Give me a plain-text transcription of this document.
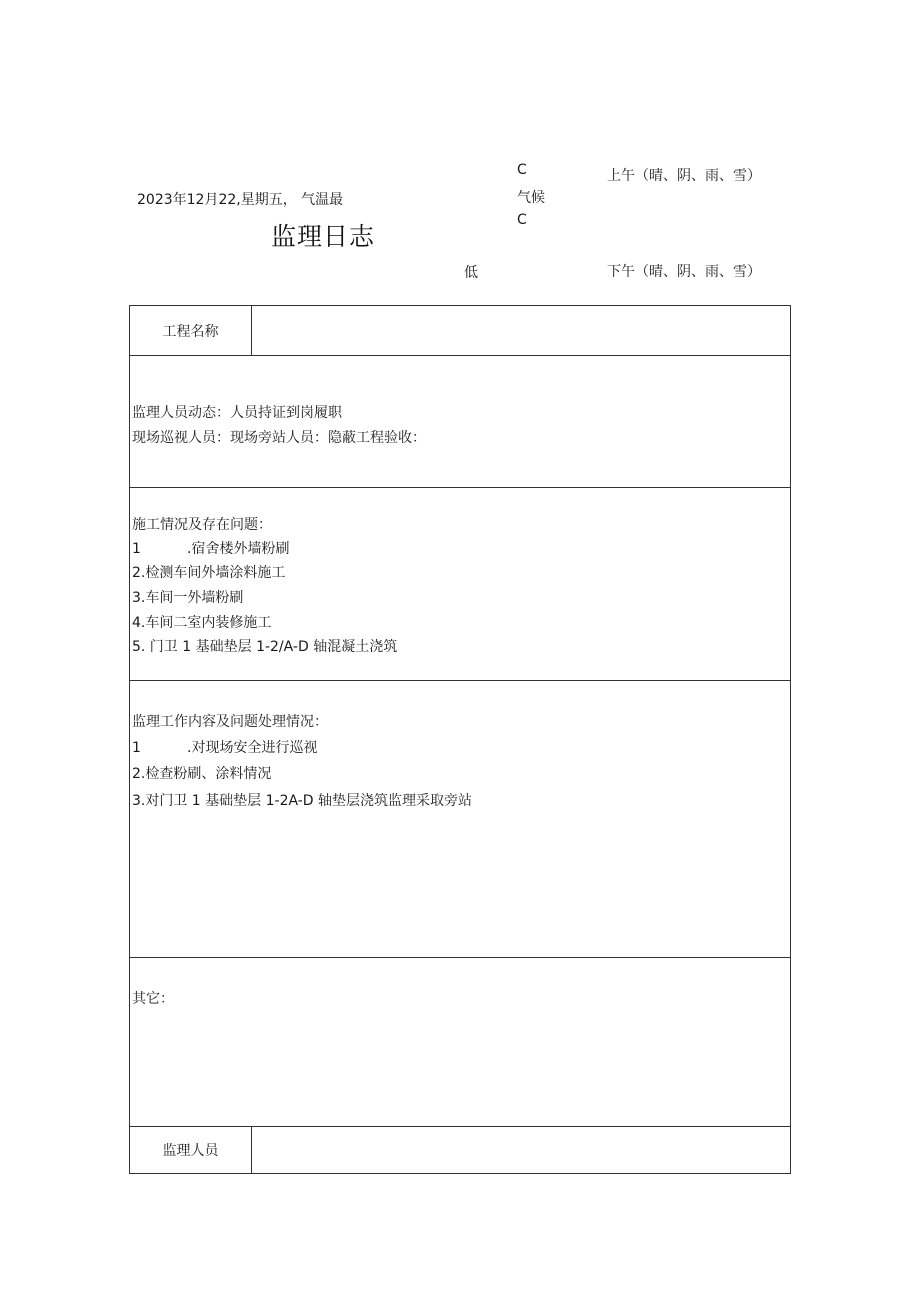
C	上午（晴、阴、雨、雪）
2023年12月22,星期五， 气温最	气候
C
监理日志
低	下午（晴、阴、雨、雪）
工程名称
监理人员动态：人员持证到岗履职
现场巡视人员：现场旁站人员：隐蔽工程验收：
施工情况及存在问题：
1	.宿舍楼外墙粉刷
2.检测车间外墙涂料施工
3.车间一外墙粉刷
4.车间二室内装修施工
5. 门卫 1 基础垫层 1-2/A-D 轴混凝土浇筑
监理工作内容及问题处理情况：
1	.对现场安全进行巡视
2.检查粉刷、涂料情况
3.对门卫 1 基础垫层 1-2A-D 轴垫层浇筑监理采取旁站
其它：
监理人员
